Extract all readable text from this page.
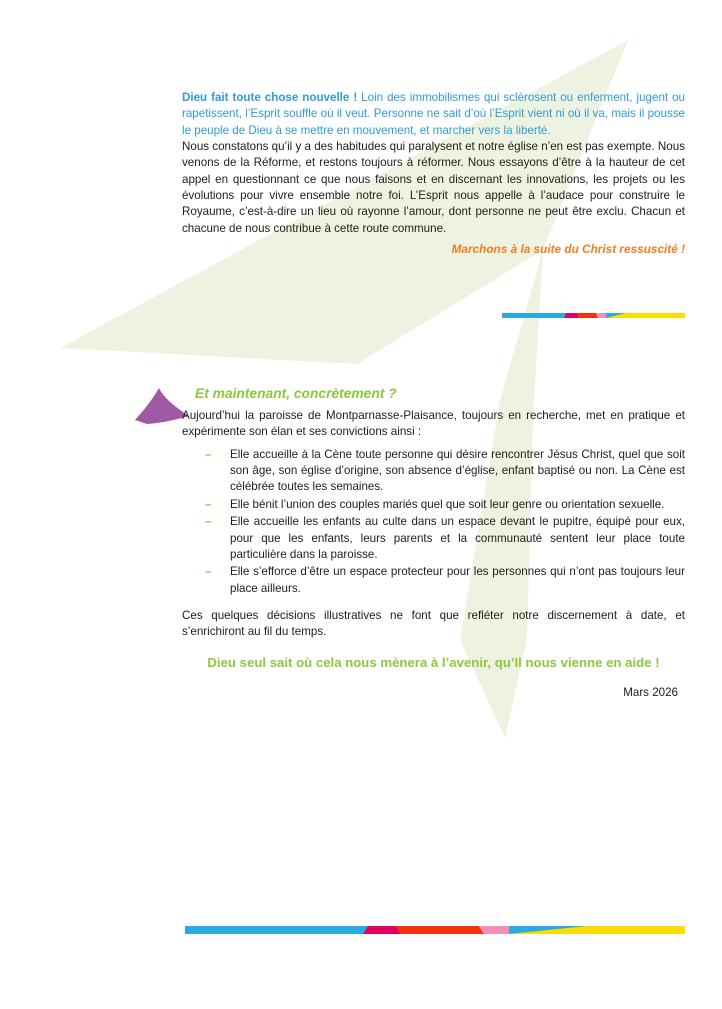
Dieu fait toute chose nouvelle ! Loin des immobilismes qui sclérosent ou enferment, jugent ou rapetissent, l’Esprit souffle où il veut. Personne ne sait d’où l’Esprit vient ni où il va, mais il pousse le peuple de Dieu à se mettre en mouvement, et marcher vers la liberté.

Nous constatons qu’il y a des habitudes qui paralysent et notre église n’en est pas exempte. Nous venons de la Réforme, et restons toujours à réformer. Nous essayons d’être à la hauteur de cet appel en questionnant ce que nous faisons et en discernant les innovations, les projets ou les évolutions pour vivre ensemble notre foi. L’Esprit nous appelle à l’audace pour construire le Royaume, c’est-à-dire un lieu où rayonne l’amour, dont personne ne peut être exclu. Chacun et chacune de nous contribue à cette route commune.

Marchons à la suite du Christ ressuscité !

Et maintenant, concrètement ?

Aujourd’hui la paroisse de Montparnasse-Plaisance, toujours en recherche, met en pratique et expérimente son élan et ses convictions ainsi :

– Elle accueille à la Cène toute personne qui désire rencontrer Jésus Christ, quel que soit son âge, son église d’origine, son absence d’église, enfant baptisé ou non. La Cène est célébrée toutes les semaines.
– Elle bénit l’union des couples mariés quel que soit leur genre ou orientation sexuelle.
– Elle accueille les enfants au culte dans un espace devant le pupitre, équipé pour eux, pour que les enfants, leurs parents et la communauté sentent leur place toute particulière dans la paroisse.
– Elle s’efforce d’être un espace protecteur pour les personnes qui n’ont pas toujours leur place ailleurs.

Ces quelques décisions illustratives ne font que refléter notre discernement à date, et s’enrichiront au fil du temps.

Dieu seul sait où cela nous mènera à l’avenir, qu’Il nous vienne en aide !

Mars 2026
